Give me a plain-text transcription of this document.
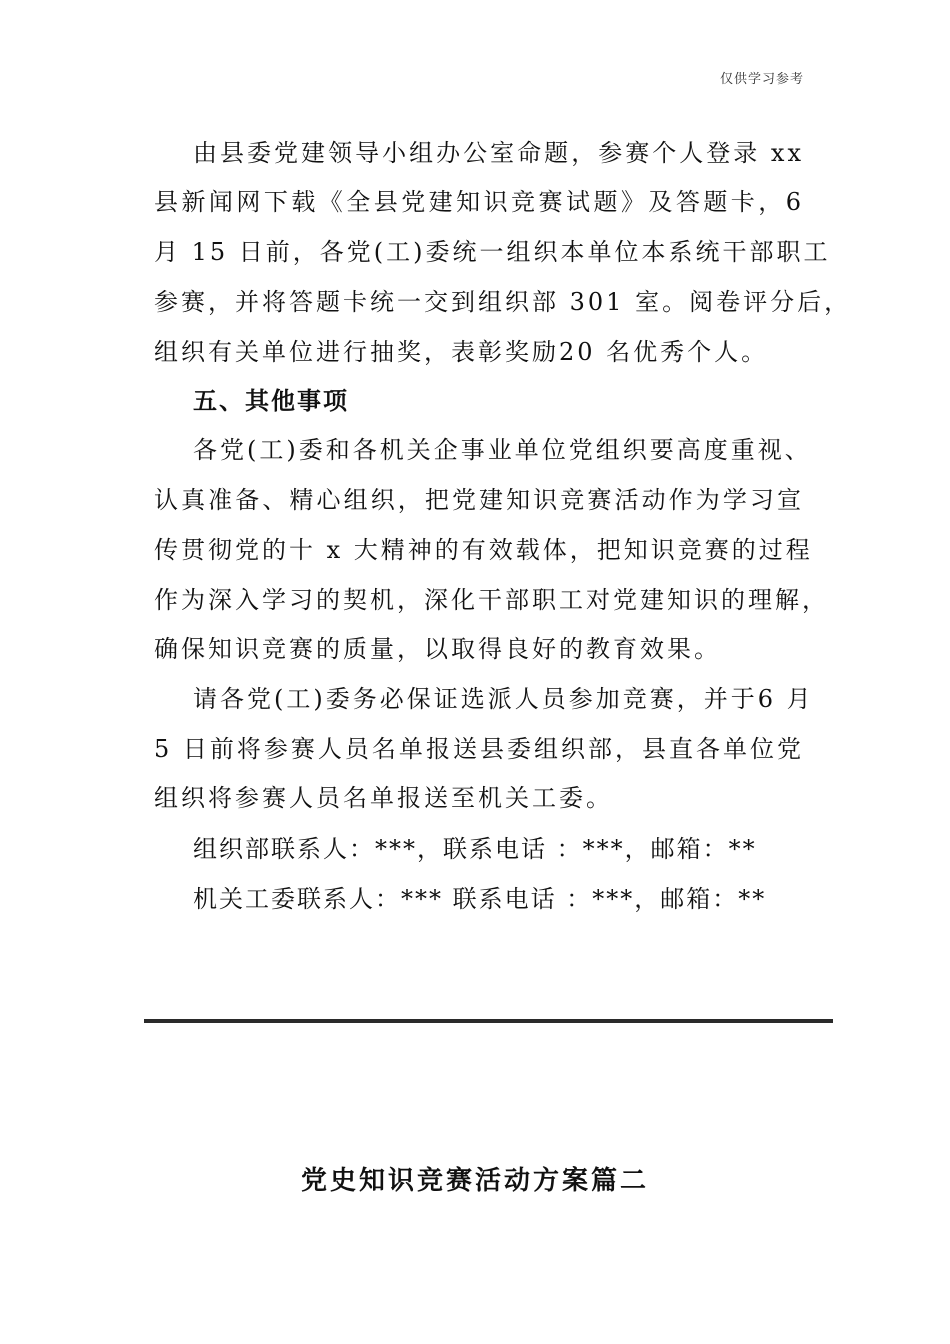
仅供学习参考
由县委党建领导小组办公室命题，参赛个人登录 xx
县新闻网下载《全县党建知识竞赛试题》及答题卡，6
月 15 日前，各党(工)委统一组织本单位本系统干部职工
参赛，并将答题卡统一交到组织部 301 室。阅卷评分后，
组织有关单位进行抽奖，表彰奖励20 名优秀个人。
五、其他事项
各党(工)委和各机关企事业单位党组织要高度重视、
认真准备、精心组织，把党建知识竞赛活动作为学习宣
传贯彻党的十 x 大精神的有效载体，把知识竞赛的过程
作为深入学习的契机，深化干部职工对党建知识的理解，
确保知识竞赛的质量，以取得良好的教育效果。
请各党(工)委务必保证选派人员参加竞赛，并于6 月
5 日前将参赛人员名单报送县委组织部，县直各单位党
组织将参赛人员名单报送至机关工委。
组织部联系人：***，联系电话 ：***，邮箱：**
机关工委联系人：*** 联系电话 ：***，邮箱：**
党史知识竞赛活动方案篇二
